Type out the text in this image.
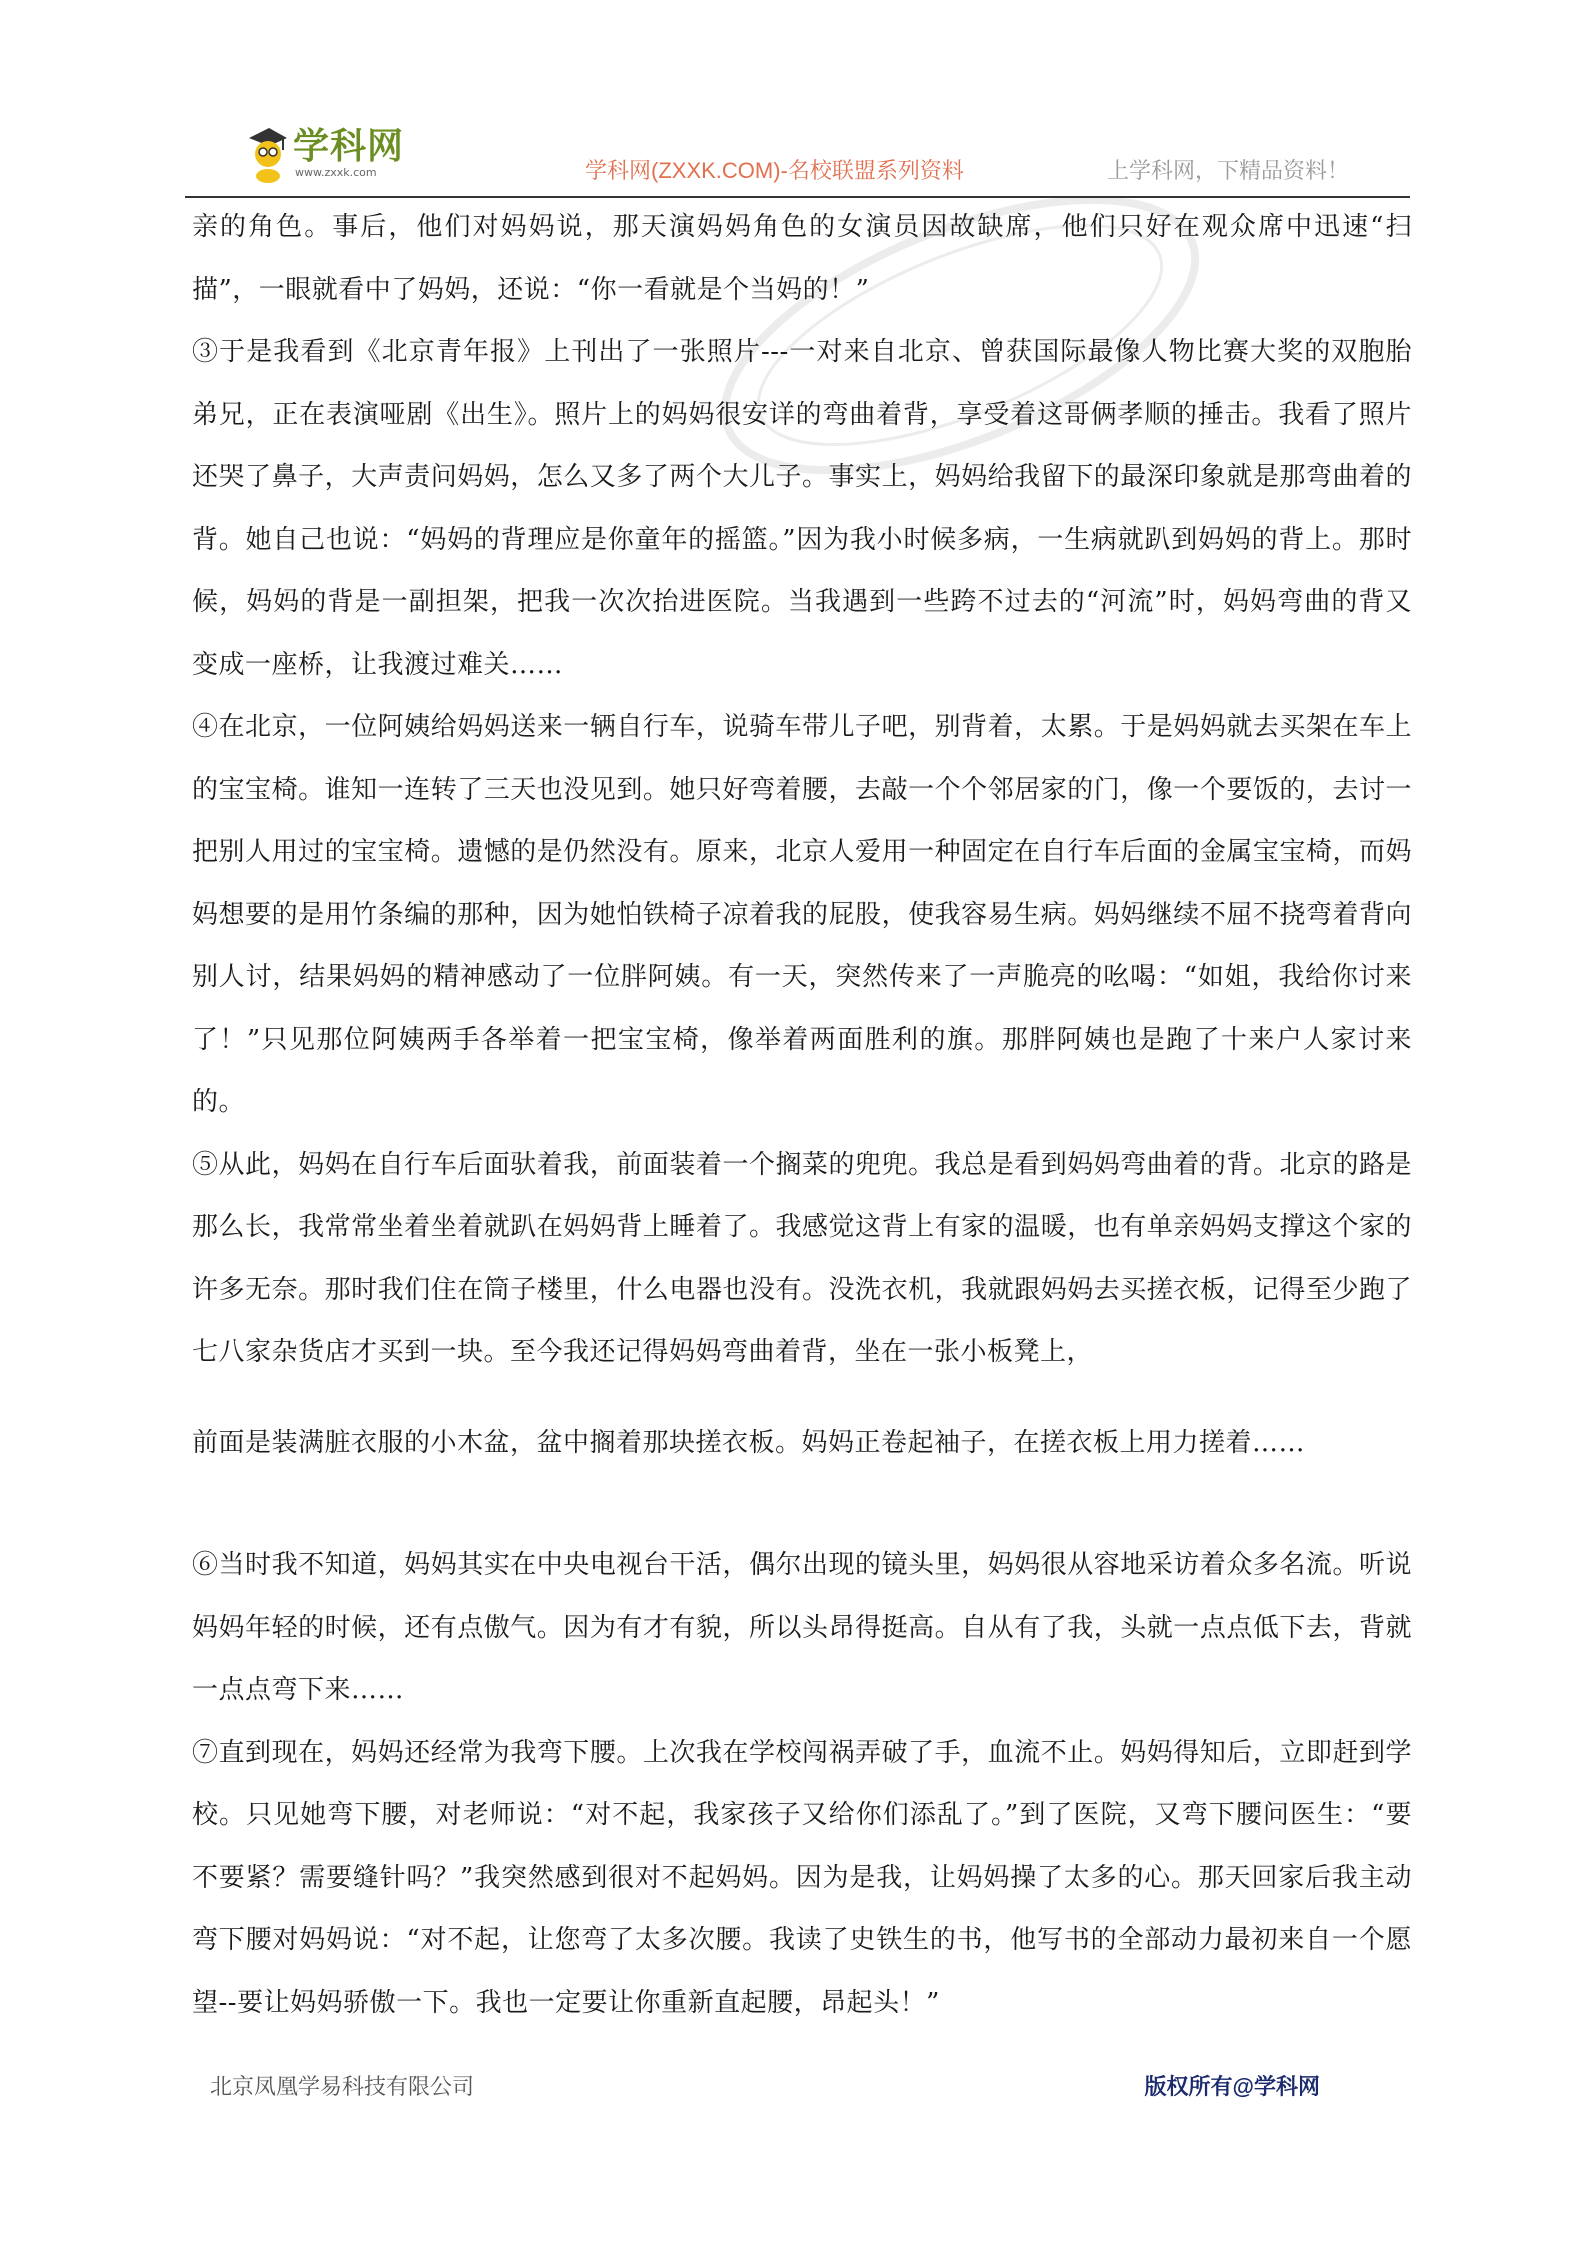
学科网
www.zxxk.com	学科网(ZXXK.COM)-名校联盟系列资料	上学科网，下精品资料！

亲的角色。事后，他们对妈妈说，那天演妈妈角色的女演员因故缺席，他们只好在观众席中迅速“扫描”，一眼就看中了妈妈，还说：“你一看就是个当妈的！”

③于是我看到《北京青年报》上刊出了一张照片---一对来自北京、曾获国际最像人物比赛大奖的双胞胎弟兄，正在表演哑剧《出生》。照片上的妈妈很安详的弯曲着背，享受着这哥俩孝顺的捶击。我看了照片还哭了鼻子，大声责问妈妈，怎么又多了两个大儿子。事实上，妈妈给我留下的最深印象就是那弯曲着的背。她自己也说：“妈妈的背理应是你童年的摇篮。”因为我小时候多病，一生病就趴到妈妈的背上。那时候，妈妈的背是一副担架，把我一次次抬进医院。当我遇到一些跨不过去的“河流”时，妈妈弯曲的背又变成一座桥，让我渡过难关……

④在北京，一位阿姨给妈妈送来一辆自行车，说骑车带儿子吧，别背着，太累。于是妈妈就去买架在车上的宝宝椅。谁知一连转了三天也没见到。她只好弯着腰，去敲一个个邻居家的门，像一个要饭的，去讨一把别人用过的宝宝椅。遗憾的是仍然没有。原来，北京人爱用一种固定在自行车后面的金属宝宝椅，而妈妈想要的是用竹条编的那种，因为她怕铁椅子凉着我的屁股，使我容易生病。妈妈继续不屈不挠弯着背向别人讨，结果妈妈的精神感动了一位胖阿姨。有一天，突然传来了一声脆亮的吆喝：“如姐，我给你讨来了！”只见那位阿姨两手各举着一把宝宝椅，像举着两面胜利的旗。那胖阿姨也是跑了十来户人家讨来的。

⑤从此，妈妈在自行车后面驮着我，前面装着一个搁菜的兜兜。我总是看到妈妈弯曲着的背。北京的路是那么长，我常常坐着坐着就趴在妈妈背上睡着了。我感觉这背上有家的温暖，也有单亲妈妈支撑这个家的许多无奈。那时我们住在筒子楼里，什么电器也没有。没洗衣机，我就跟妈妈去买搓衣板，记得至少跑了七八家杂货店才买到一块。至今我还记得妈妈弯曲着背，坐在一张小板凳上，

前面是装满脏衣服的小木盆，盆中搁着那块搓衣板。妈妈正卷起袖子，在搓衣板上用力搓着……

⑥当时我不知道，妈妈其实在中央电视台干活，偶尔出现的镜头里，妈妈很从容地采访着众多名流。听说妈妈年轻的时候，还有点傲气。因为有才有貌，所以头昂得挺高。自从有了我，头就一点点低下去，背就一点点弯下来……

⑦直到现在，妈妈还经常为我弯下腰。上次我在学校闯祸弄破了手，血流不止。妈妈得知后，立即赶到学校。只见她弯下腰，对老师说：“对不起，我家孩子又给你们添乱了。”到了医院，又弯下腰问医生：“要不要紧？需要缝针吗？”我突然感到很对不起妈妈。因为是我，让妈妈操了太多的心。那天回家后我主动弯下腰对妈妈说：“对不起，让您弯了太多次腰。我读了史铁生的书，他写书的全部动力最初来自一个愿望--要让妈妈骄傲一下。我也一定要让你重新直起腰，昂起头！”

北京凤凰学易科技有限公司	版权所有@学科网
